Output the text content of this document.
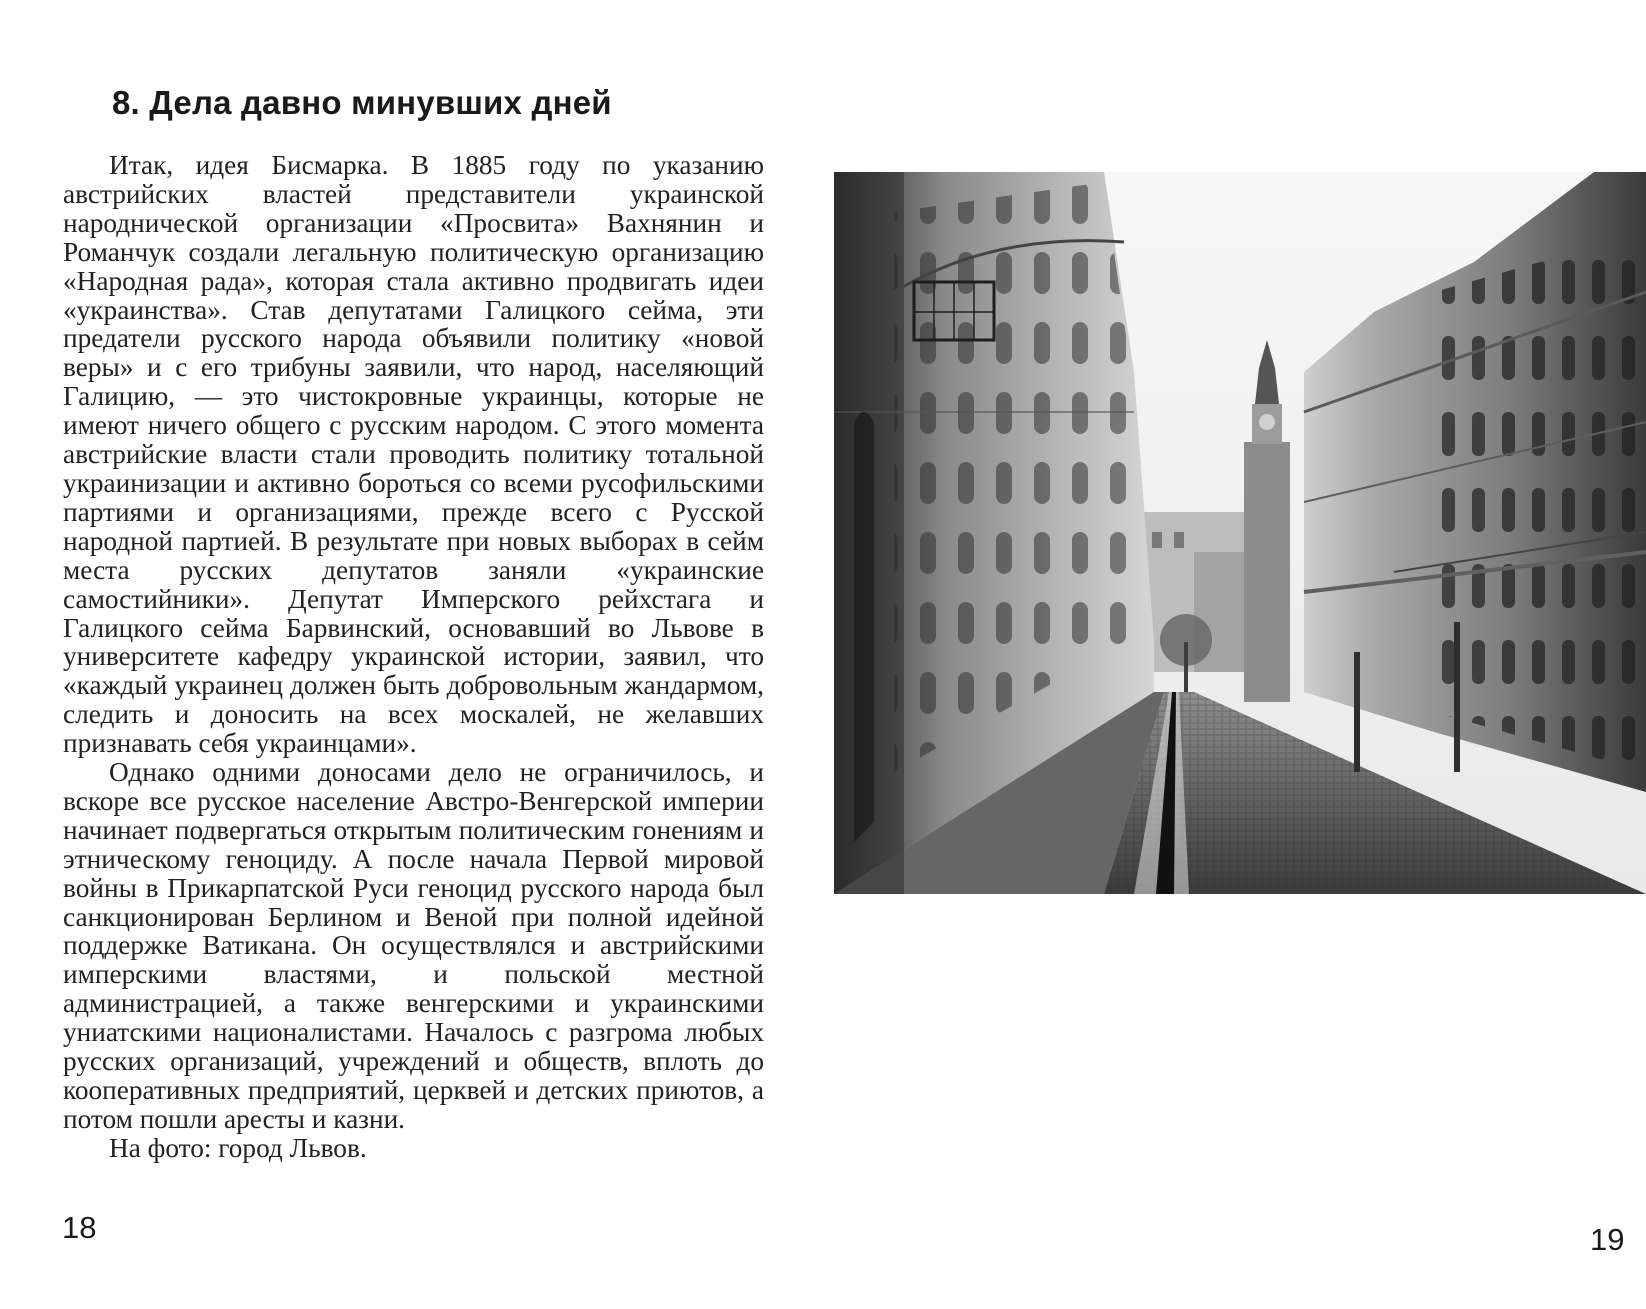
8. Дела давно минувших дней

Итак, идея Бисмарка. В 1885 году по указанию австрийских властей представители украинской народнической организации «Просвита» Вахнянин и Романчук создали легальную политическую организацию «Народная рада», которая стала активно продвигать идеи «украинства». Став депутатами Галицкого сейма, эти предатели русского народа объявили политику «новой веры» и с его трибуны заявили, что народ, населяющий Галицию, — это чистокровные украинцы, которые не имеют ничего общего с русским народом. С этого момента австрийские власти стали проводить политику тотальной украинизации и активно бороться со всеми русофильскими партиями и организациями, прежде всего с Русской народной партией. В результате при новых выборах в сейм места русских депутатов заняли «украинские самостийники». Депутат Имперского рейхстага и Галицкого сейма Барвинский, основавший во Львове в университете кафедру украинской истории, заявил, что «каждый украинец должен быть добровольным жандармом, следить и доносить на всех москалей, не желавших признавать себя украинцами».

Однако одними доносами дело не ограничилось, и вскоре все русское население Австро-Венгерской империи начинает подвергаться открытым политическим гонениям и этническому геноциду. А после начала Первой мировой войны в Прикарпатской Руси геноцид русского народа был санкционирован Берлином и Веной при полной идейной поддержке Ватикана. Он осуществлялся и австрийскими имперскими властями, и польской местной администрацией, а также венгерскими и украинскими униатскими националистами. Началось с разгрома любых русских организаций, учреждений и обществ, вплоть до кооперативных предприятий, церквей и детских приютов, а потом пошли аресты и казни.

На фото: город Львов.

18	19
